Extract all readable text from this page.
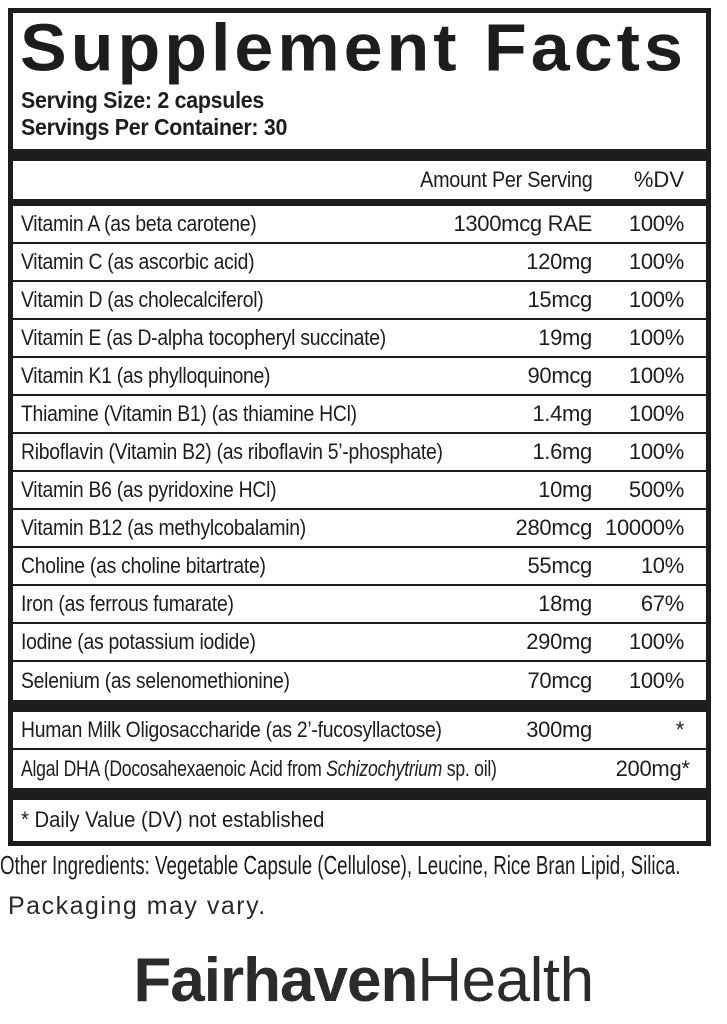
Supplement Facts
Serving Size: 2 capsules
Servings Per Container: 30
Amount Per Serving	%DV
Vitamin A (as beta carotene)	1300mcg RAE	100%
Vitamin C (as ascorbic acid)	120mg	100%
Vitamin D (as cholecalciferol)	15mcg	100%
Vitamin E (as D-alpha tocopheryl succinate)	19mg	100%
Vitamin K1 (as phylloquinone)	90mcg	100%
Thiamine (Vitamin B1) (as thiamine HCl)	1.4mg	100%
Riboflavin (Vitamin B2) (as riboflavin 5’-phosphate)	1.6mg	100%
Vitamin B6 (as pyridoxine HCl)	10mg	500%
Vitamin B12 (as methylcobalamin)	280mcg 10000%
Choline (as choline bitartrate)	55mcg	10%
Iron (as ferrous fumarate)	18mg	67%
Iodine (as potassium iodide)	290mg	100%
Selenium (as selenomethionine)	70mcg	100%
Human Milk Oligosaccharide (as 2’-fucosyllactose)	300mg	*
Algal DHA (Docosahexaenoic Acid from Schizochytrium sp. oil)	200mg *
* Daily Value (DV) not established
Other Ingredients: Vegetable Capsule (Cellulose), Leucine, Rice Bran Lipid, Silica.
Packaging may vary.
FairhavenHealth
